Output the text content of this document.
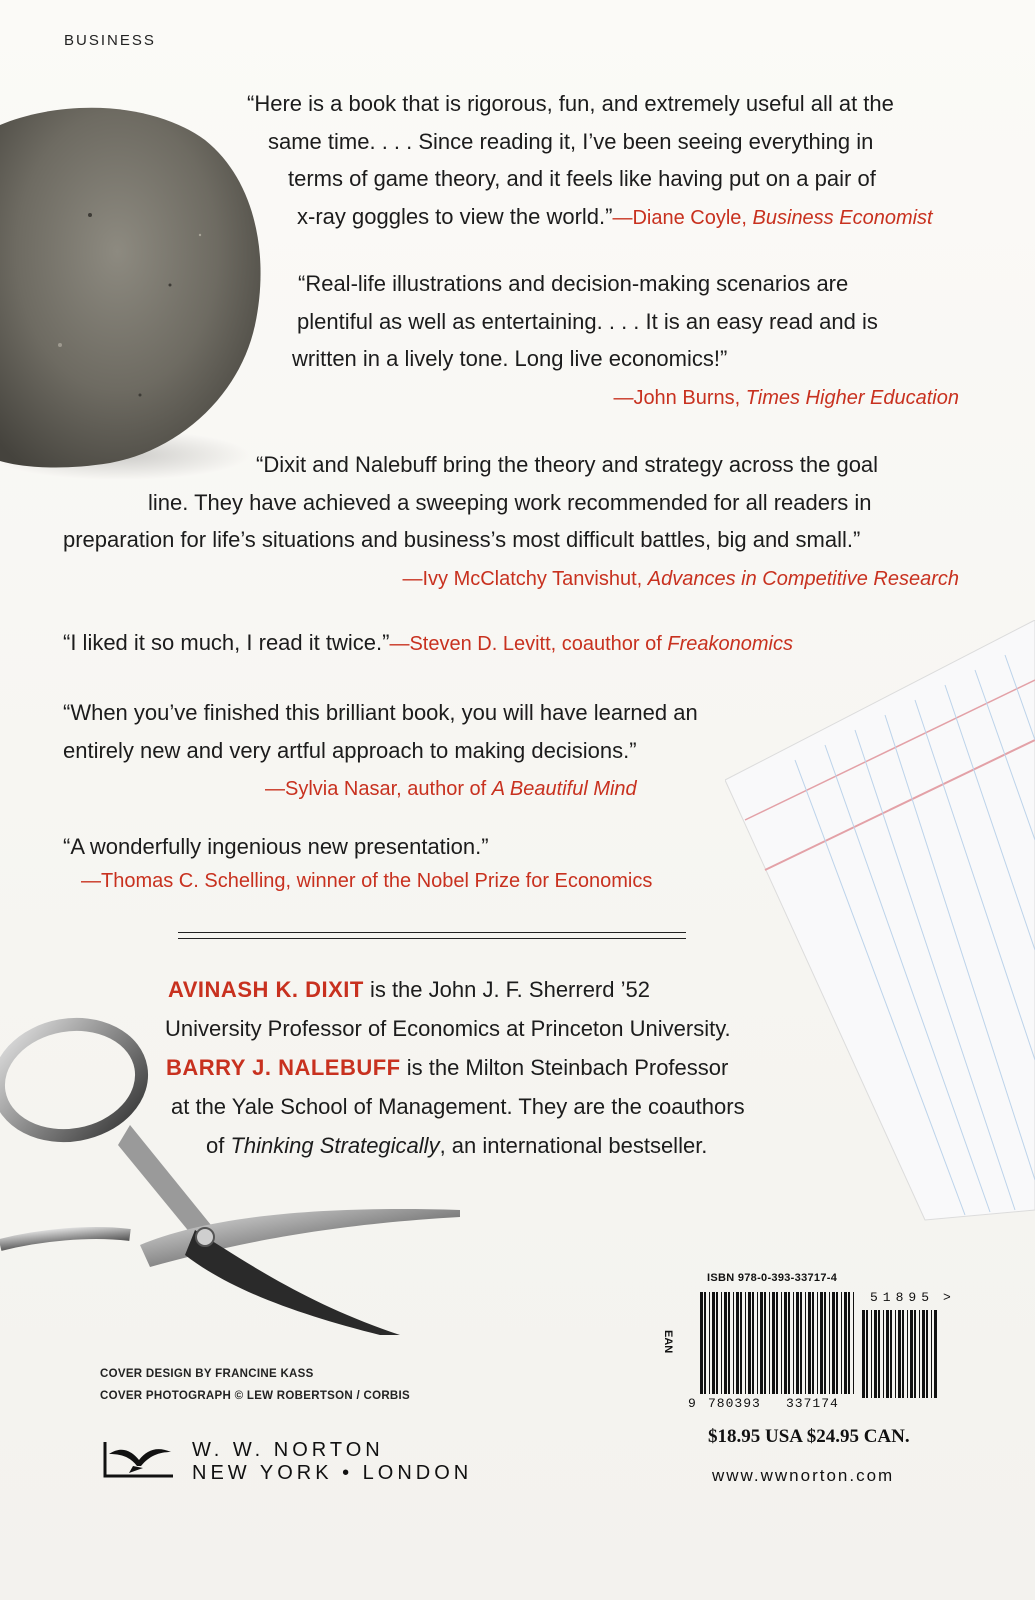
BUSINESS
“Here is a book that is rigorous, fun, and extremely useful all at the
same time. . . . Since reading it, I’ve been seeing everything in
terms of game theory, and it feels like having put on a pair of
x-ray goggles to view the world.”—Diane Coyle, Business Economist
“Real-life illustrations and decision-making scenarios are
plentiful as well as entertaining. . . . It is an easy read and is
written in a lively tone. Long live economics!”
—John Burns, Times Higher Education
“Dixit and Nalebuff bring the theory and strategy across the goal
line. They have achieved a sweeping work recommended for all readers in
preparation for life’s situations and business’s most difficult battles, big and small.”
—Ivy McClatchy Tanvishut, Advances in Competitive Research
“I liked it so much, I read it twice.”—Steven D. Levitt, coauthor of Freakonomics
“When you’ve finished this brilliant book, you will have learned an
entirely new and very artful approach to making decisions.”
—Sylvia Nasar, author of A Beautiful Mind
“A wonderfully ingenious new presentation.”
—Thomas C. Schelling, winner of the Nobel Prize for Economics
AVINASH K. DIXIT is the John J. F. Sherrerd ’52
University Professor of Economics at Princeton University.
BARRY J. NALEBUFF is the Milton Steinbach Professor
at the Yale School of Management. They are the coauthors
of Thinking Strategically, an international bestseller.
COVER DESIGN BY FRANCINE KASS
COVER PHOTOGRAPH © LEW ROBERTSON / CORBIS
W. W. NORTON
NEW YORK • LONDON
ISBN 978-0-393-33717-4
EAN
9 780393 337174
51895 >
$18.95 USA $24.95 CAN.
www.wwnorton.com
